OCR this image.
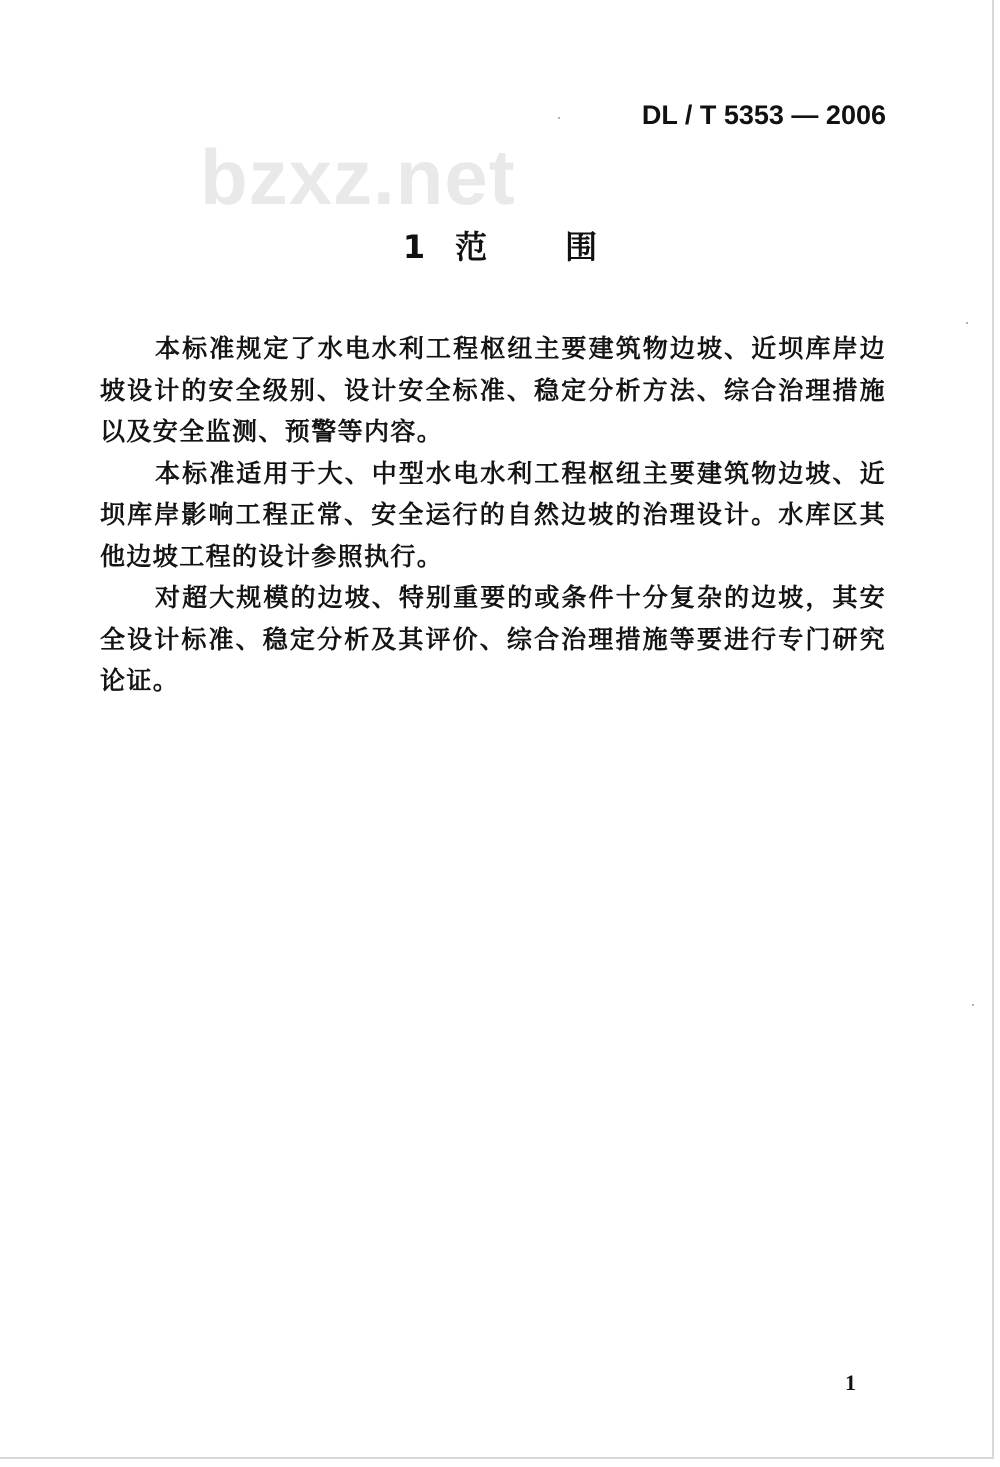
DL / T 5353 — 2006
bzxz.net
1 范围

本标准规定了水电水利工程枢纽主要建筑物边坡、近坝库岸边坡设计的安全级别、设计安全标准、稳定分析方法、综合治理措施以及安全监测、预警等内容。

本标准适用于大、中型水电水利工程枢纽主要建筑物边坡、近坝库岸影响工程正常、安全运行的自然边坡的治理设计。水库区其他边坡工程的设计参照执行。

对超大规模的边坡、特别重要的或条件十分复杂的边坡，其安全设计标准、稳定分析及其评价、综合治理措施等要进行专门研究论证。

1
